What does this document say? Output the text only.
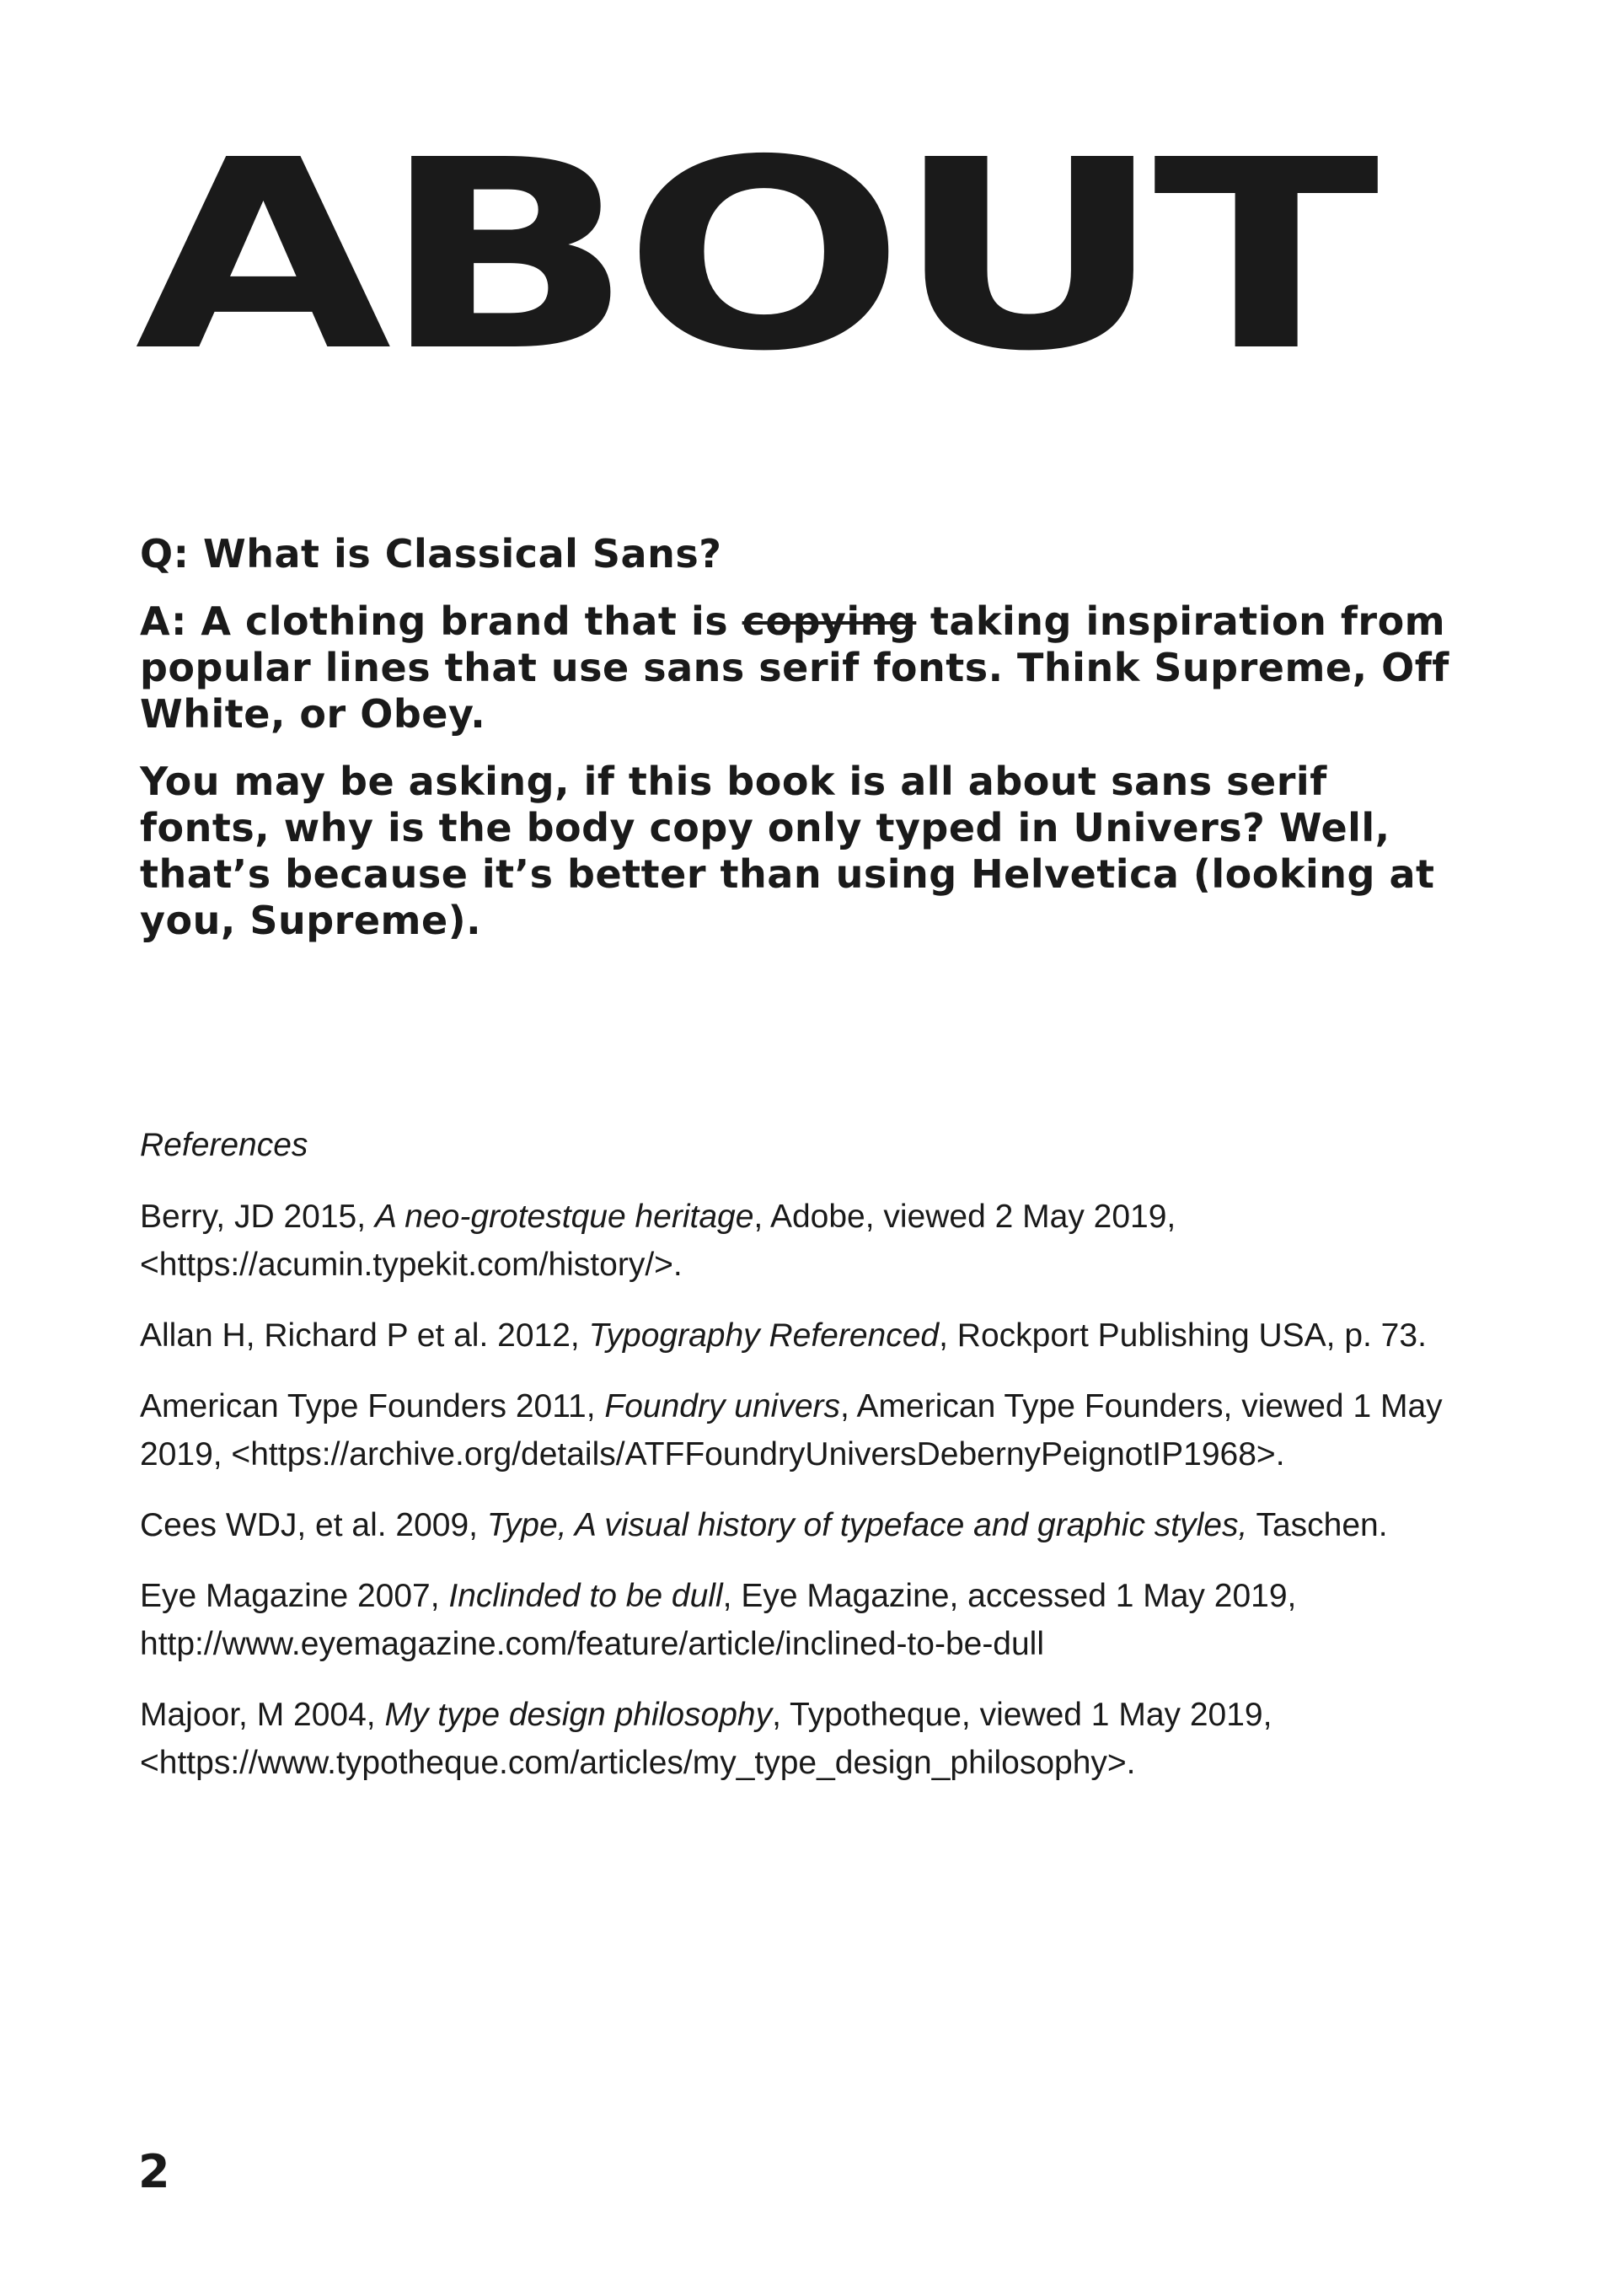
ABOUT

Q: What is Classical Sans?

A: A clothing brand that is copying taking inspiration from popular lines that use sans serif fonts. Think Supreme, Off White, or Obey.

You may be asking, if this book is all about sans serif fonts, why is the body copy only typed in Univers? Well, that’s because it’s better than using Helvetica (looking at you, Supreme).

References

Berry, JD 2015, A neo-grotestque heritage, Adobe, viewed 2 May 2019, <https://acumin.typekit.com/history/>.

Allan H, Richard P et al. 2012, Typography Referenced, Rockport Publishing USA, p. 73.

American Type Founders 2011, Foundry univers, American Type Founders, viewed 1 May 2019, <https://archive.org/details/ATFFoundryUniversDebernyPeignotIP1968>.

Cees WDJ, et al. 2009, Type, A visual history of typeface and graphic styles, Taschen.

Eye Magazine 2007, Inclinded to be dull, Eye Magazine, accessed 1 May 2019, http://www.eyemagazine.com/feature/article/inclined-to-be-dull

Majoor, M 2004, My type design philosophy, Typotheque, viewed 1 May 2019, <https://www.typotheque.com/articles/my_type_design_philosophy>.

2
